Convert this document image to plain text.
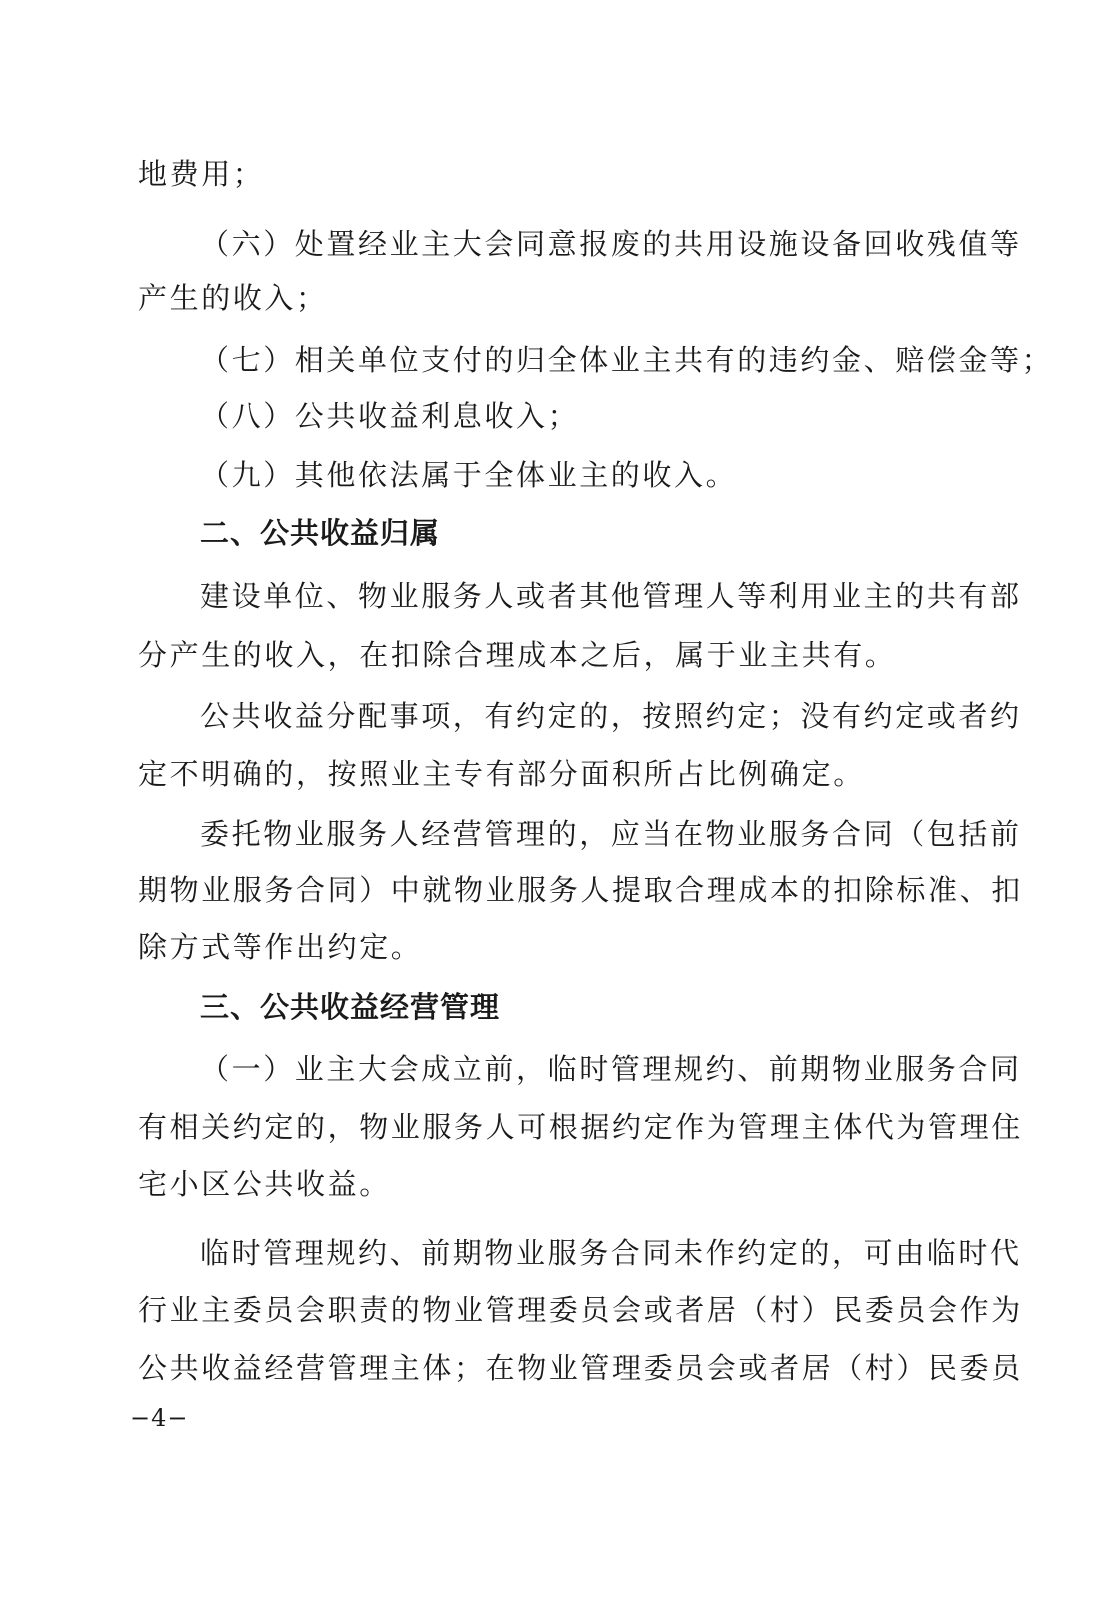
地费用；
（六）处置经业主大会同意报废的共用设施设备回收残值等
产生的收入；
（七）相关单位支付的归全体业主共有的违约金、赔偿金等；
（八）公共收益利息收入；
（九）其他依法属于全体业主的收入。
二、公共收益归属
建设单位、物业服务人或者其他管理人等利用业主的共有部
分产生的收入，在扣除合理成本之后，属于业主共有。
公共收益分配事项，有约定的，按照约定；没有约定或者约
定不明确的，按照业主专有部分面积所占比例确定。
委托物业服务人经营管理的，应当在物业服务合同（包括前
期物业服务合同）中就物业服务人提取合理成本的扣除标准、扣
除方式等作出约定。
三、公共收益经营管理
（一）业主大会成立前，临时管理规约、前期物业服务合同
有相关约定的，物业服务人可根据约定作为管理主体代为管理住
宅小区公共收益。
临时管理规约、前期物业服务合同未作约定的，可由临时代
行业主委员会职责的物业管理委员会或者居（村）民委员会作为
公共收益经营管理主体；在物业管理委员会或者居（村）民委员
−4−
